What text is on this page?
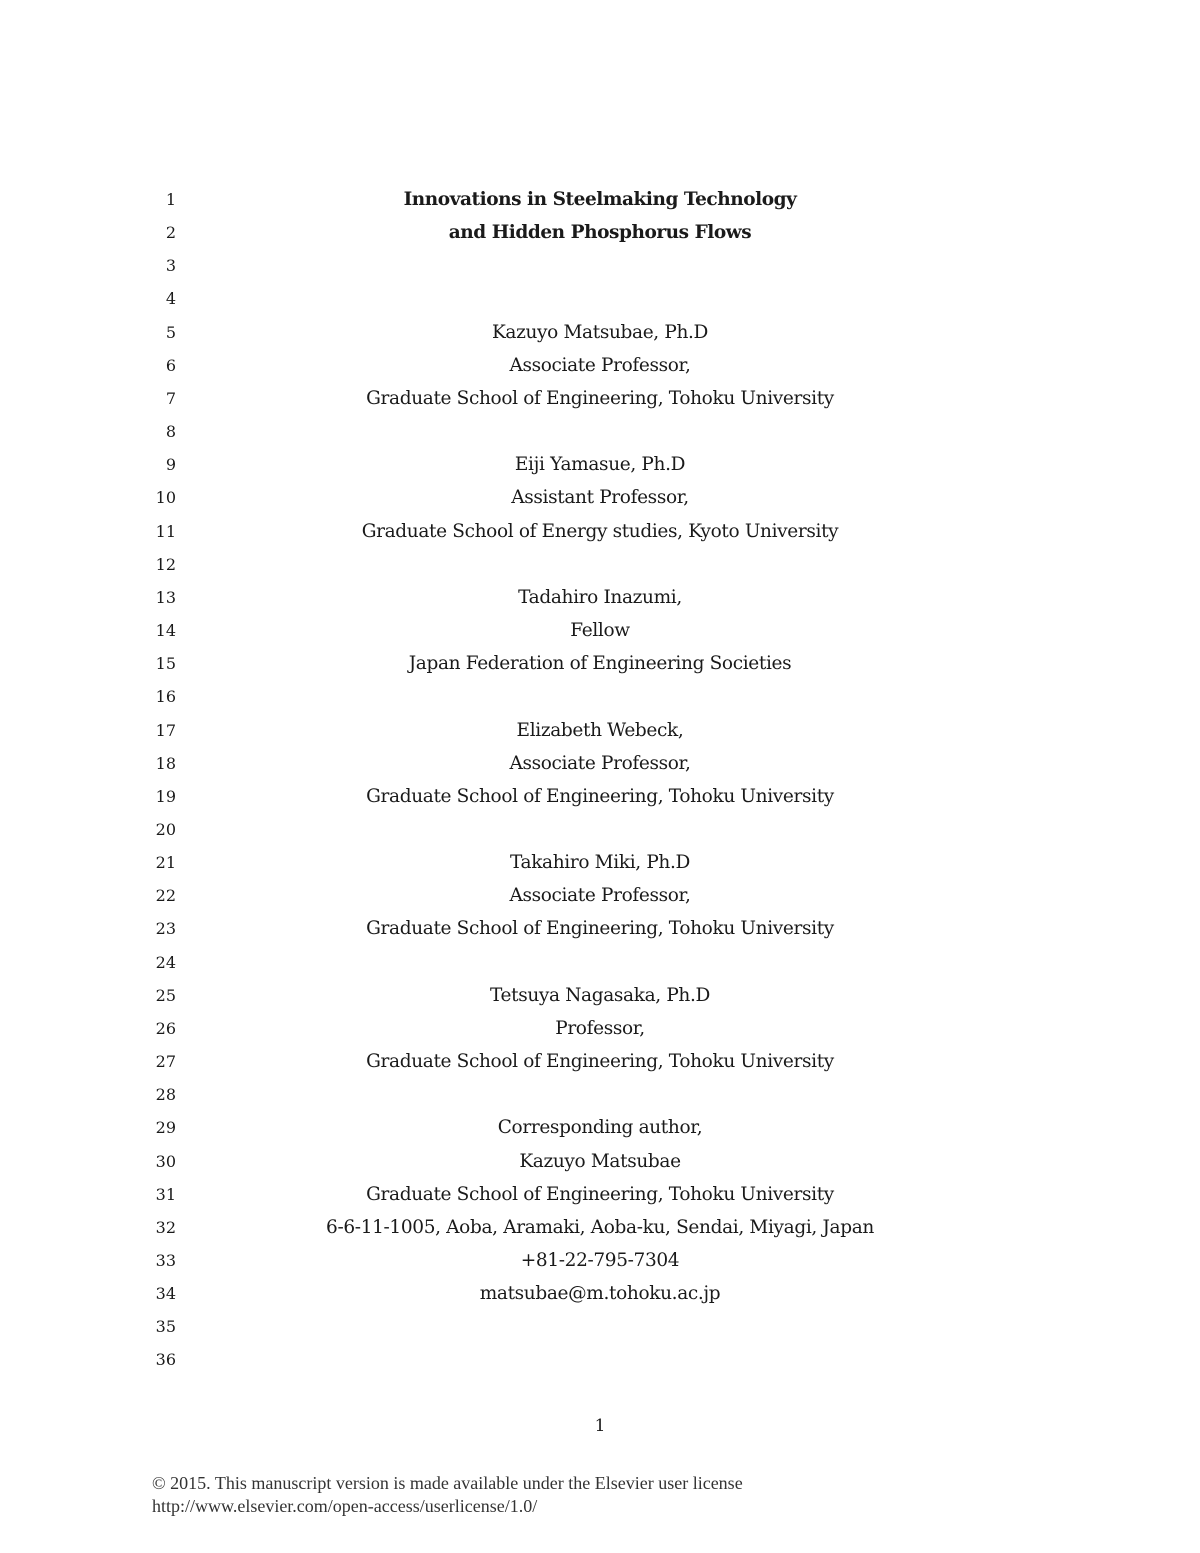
1	Innovations in Steelmaking Technology
2	and Hidden Phosphorus Flows
3
4
5	Kazuyo Matsubae, Ph.D
6	Associate Professor,
7	Graduate School of Engineering, Tohoku University
8
9	Eiji Yamasue, Ph.D
10	Assistant Professor,
11	Graduate School of Energy studies, Kyoto University
12
13	Tadahiro Inazumi,
14	Fellow
15	Japan Federation of Engineering Societies
16
17	Elizabeth Webeck,
18	Associate Professor,
19	Graduate School of Engineering, Tohoku University
20
21	Takahiro Miki, Ph.D
22	Associate Professor,
23	Graduate School of Engineering, Tohoku University
24
25	Tetsuya Nagasaka, Ph.D
26	Professor,
27	Graduate School of Engineering, Tohoku University
28
29	Corresponding author,
30	Kazuyo Matsubae
31	Graduate School of Engineering, Tohoku University
32	6-6-11-1005, Aoba, Aramaki, Aoba-ku, Sendai, Miyagi, Japan
33	+81-22-795-7304
34	matsubae@m.tohoku.ac.jp
35
36
1
© 2015. This manuscript version is made available under the Elsevier user license
http://www.elsevier.com/open-access/userlicense/1.0/
